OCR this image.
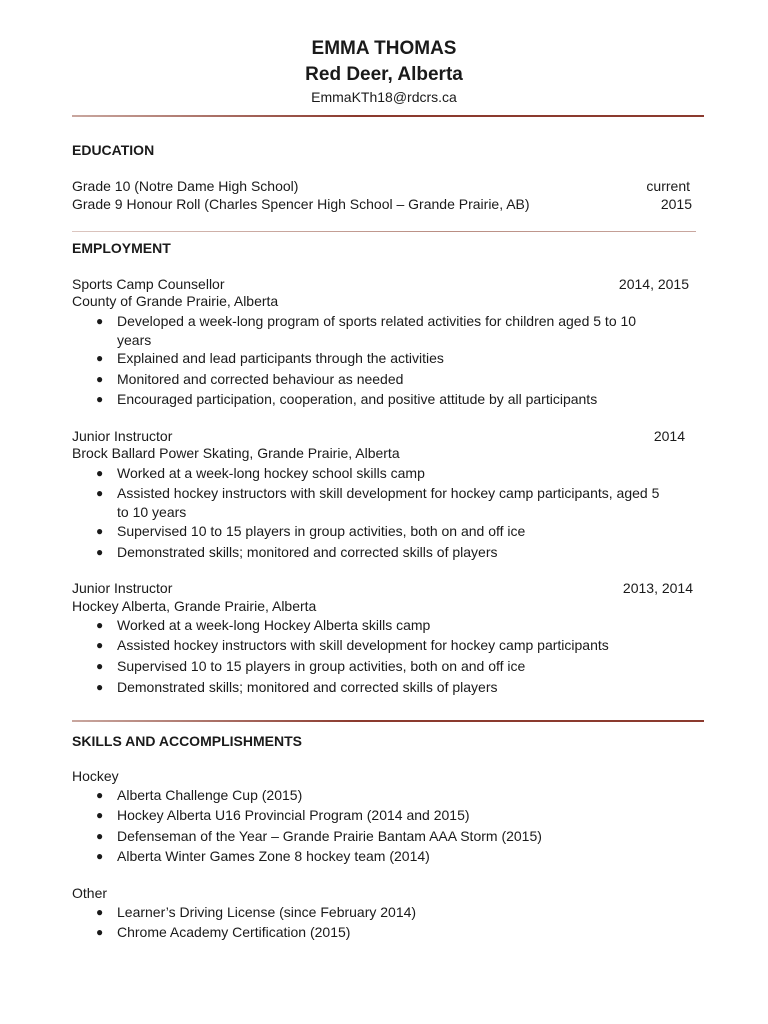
EMMA THOMAS
Red Deer, Alberta
EmmaKTh18@rdcrs.ca
EDUCATION
Grade 10 (Notre Dame High School)	current
Grade 9 Honour Roll (Charles Spencer High School – Grande Prairie, AB)	2015
EMPLOYMENT
Sports Camp Counsellor	2014, 2015
County of Grande Prairie, Alberta
● Developed a week-long program of sports related activities for children aged 5 to 10
years
● Explained and lead participants through the activities
● Monitored and corrected behaviour as needed
● Encouraged participation, cooperation, and positive attitude by all participants
Junior Instructor	2014
Brock Ballard Power Skating, Grande Prairie, Alberta
● Worked at a week-long hockey school skills camp
● Assisted hockey instructors with skill development for hockey camp participants, aged 5
to 10 years
● Supervised 10 to 15 players in group activities, both on and off ice
● Demonstrated skills; monitored and corrected skills of players
Junior Instructor	2013, 2014
Hockey Alberta, Grande Prairie, Alberta
● Worked at a week-long Hockey Alberta skills camp
● Assisted hockey instructors with skill development for hockey camp participants
● Supervised 10 to 15 players in group activities, both on and off ice
● Demonstrated skills; monitored and corrected skills of players
SKILLS AND ACCOMPLISHMENTS
Hockey
● Alberta Challenge Cup (2015)
● Hockey Alberta U16 Provincial Program (2014 and 2015)
● Defenseman of the Year – Grande Prairie Bantam AAA Storm (2015)
● Alberta Winter Games Zone 8 hockey team (2014)
Other
● Learner’s Driving License (since February 2014)
● Chrome Academy Certification (2015)
